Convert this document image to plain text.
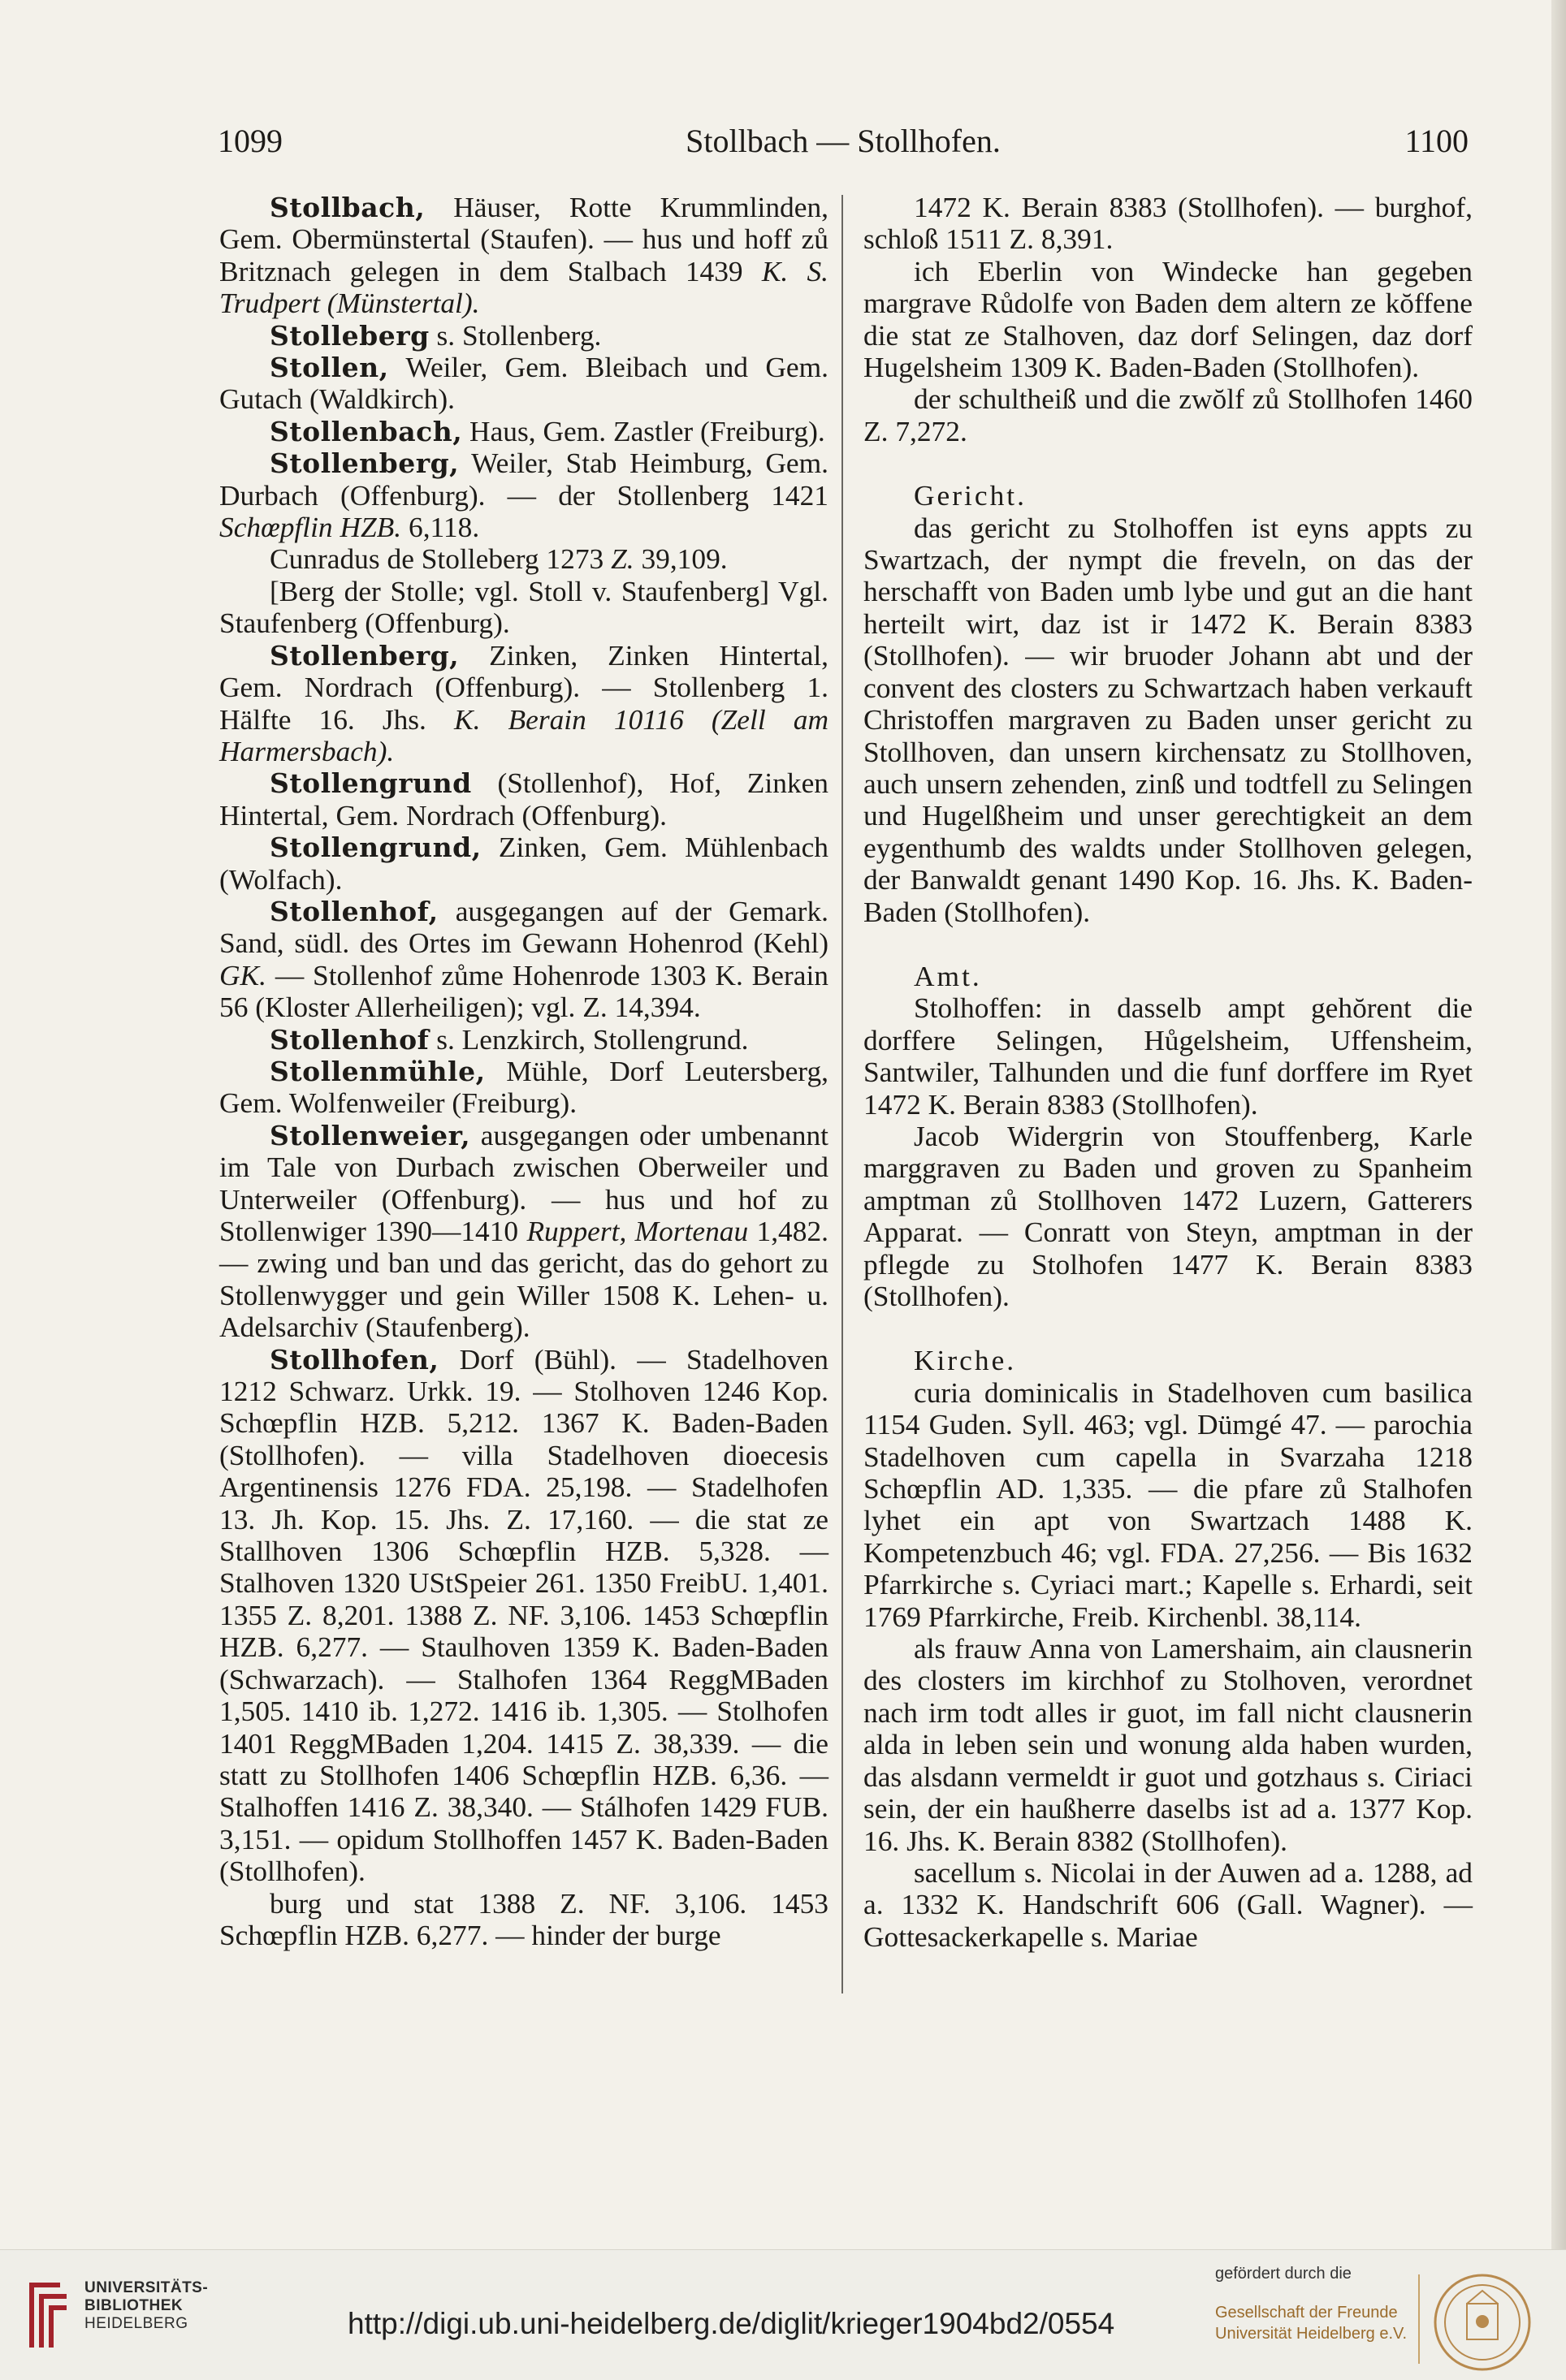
1099	Stollbach — Stollhofen.	1100

Stollbach, Häuser, Rotte Krummlinden, Gem. Obermünstertal (Staufen). — hus und hoff zů Britznach gelegen in dem Stalbach 1439 K. S. Trudpert (Münstertal).

Stolleberg s. Stollenberg.

Stollen, Weiler, Gem. Bleibach und Gem. Gutach (Waldkirch).

Stollenbach, Haus, Gem. Zastler (Freiburg).

Stollenberg, Weiler, Stab Heimburg, Gem. Durbach (Offenburg). — der Stollenberg 1421 Schœpflin HZB. 6,118.

Cunradus de Stolleberg 1273 Z. 39,109.

[Berg der Stolle; vgl. Stoll v. Staufenberg] Vgl. Staufenberg (Offenburg).

Stollenberg, Zinken, Zinken Hintertal, Gem. Nordrach (Offenburg). — Stollenberg 1. Hälfte 16. Jhs. K. Berain 10116 (Zell am Harmersbach).

Stollengrund (Stollenhof), Hof, Zinken Hintertal, Gem. Nordrach (Offenburg).

Stollengrund, Zinken, Gem. Mühlenbach (Wolfach).

Stollenhof, ausgegangen auf der Gemark. Sand, südl. des Ortes im Gewann Hohenrod (Kehl) GK. — Stollenhof zůme Hohenrode 1303 K. Berain 56 (Kloster Allerheiligen); vgl. Z. 14,394.

Stollenhof s. Lenzkirch, Stollengrund.

Stollenmühle, Mühle, Dorf Leutersberg, Gem. Wolfenweiler (Freiburg).

Stollenweier, ausgegangen oder umbenannt im Tale von Durbach zwischen Oberweiler und Unterweiler (Offenburg). — hus und hof zu Stollenwiger 1390—1410 Ruppert, Mortenau 1,482. — zwing und ban und das gericht, das do gehort zu Stollenwygger und gein Willer 1508 K. Lehen- u. Adelsarchiv (Staufenberg).

Stollhofen, Dorf (Bühl). — Stadelhoven 1212 Schwarz. Urkk. 19. — Stolhoven 1246 Kop. Schœpflin HZB. 5,212. 1367 K. Baden-Baden (Stollhofen). — villa Stadelhoven dioecesis Argentinensis 1276 FDA. 25,198. — Stadelhofen 13. Jh. Kop. 15. Jhs. Z. 17,160. — die stat ze Stallhoven 1306 Schœpflin HZB. 5,328. — Stalhoven 1320 UStSpeier 261. 1350 FreibU. 1,401. 1355 Z. 8,201. 1388 Z. NF. 3,106. 1453 Schœpflin HZB. 6,277. — Staulhoven 1359 K. Baden-Baden (Schwarzach). — Stalhofen 1364 ReggMBaden 1,505. 1410 ib. 1,272. 1416 ib. 1,305. — Stolhofen 1401 ReggMBaden 1,204. 1415 Z. 38,339. — die statt zu Stollhofen 1406 Schœpflin HZB. 6,36. — Stalhoffen 1416 Z. 38,340. — Stálhofen 1429 FUB. 3,151. — opidum Stollhoffen 1457 K. Baden-Baden (Stollhofen).

burg und stat 1388 Z. NF. 3,106. 1453 Schœpflin HZB. 6,277. — hinder der burge

1472 K. Berain 8383 (Stollhofen). — burghof, schloß 1511 Z. 8,391.

ich Eberlin von Windecke han gegeben margrave Růdolfe von Baden dem altern ze kŏffene die stat ze Stalhoven, daz dorf Selingen, daz dorf Hugelsheim 1309 K. Baden-Baden (Stollhofen).

der schultheiß und die zwŏlf zů Stollhofen 1460 Z. 7,272.

Gericht.

das gericht zu Stolhoffen ist eyns appts zu Swartzach, der nympt die freveln, on das der herschafft von Baden umb lybe und gut an die hant herteilt wirt, daz ist ir 1472 K. Berain 8383 (Stollhofen). — wir bruoder Johann abt und der convent des closters zu Schwartzach haben verkauft Christoffen margraven zu Baden unser gericht zu Stollhoven, dan unsern kirchensatz zu Stollhoven, auch unsern zehenden, zinß und todtfell zu Selingen und Hugelßheim und unser gerechtigkeit an dem eygenthumb des waldts under Stollhoven gelegen, der Banwaldt genant 1490 Kop. 16. Jhs. K. Baden-Baden (Stollhofen).

Amt.

Stolhoffen: in dasselb ampt gehŏrent die dorffere Selingen, Hůgelsheim, Uffensheim, Santwiler, Talhunden und die funf dorffere im Ryet 1472 K. Berain 8383 (Stollhofen).

Jacob Widergrin von Stouffenberg, Karle marggraven zu Baden und groven zu Spanheim amptman zů Stollhoven 1472 Luzern, Gatterers Apparat. — Conratt von Steyn, amptman in der pflegde zu Stolhofen 1477 K. Berain 8383 (Stollhofen).

Kirche.

curia dominicalis in Stadelhoven cum basilica 1154 Guden. Syll. 463; vgl. Dümgé 47. — parochia Stadelhoven cum capella in Svarzaha 1218 Schœpflin AD. 1,335. — die pfare zů Stalhofen lyhet ein apt von Swartzach 1488 K. Kompetenzbuch 46; vgl. FDA. 27,256. — Bis 1632 Pfarrkirche s. Cyriaci mart.; Kapelle s. Erhardi, seit 1769 Pfarrkirche, Freib. Kirchenbl. 38,114.

als frauw Anna von Lamershaim, ain clausnerin des closters im kirchhof zu Stolhoven, verordnet nach irm todt alles ir guot, im fall nicht clausnerin alda in leben sein und wonung alda haben wurden, das alsdann vermeldt ir guot und gotzhaus s. Ciriaci sein, der ein haußherre daselbs ist ad a. 1377 Kop. 16. Jhs. K. Berain 8382 (Stollhofen).

sacellum s. Nicolai in der Auwen ad a. 1288, ad a. 1332 K. Handschrift 606 (Gall. Wagner). — Gottesackerkapelle s. Mariae

UNIVERSITÄTS-
BIBLIOTHEK
HEIDELBERG	http://digi.ub.uni-heidelberg.de/diglit/krieger1904bd2/0554
gefördert durch die
Gesellschaft der Freunde
Universität Heidelberg e.V.
